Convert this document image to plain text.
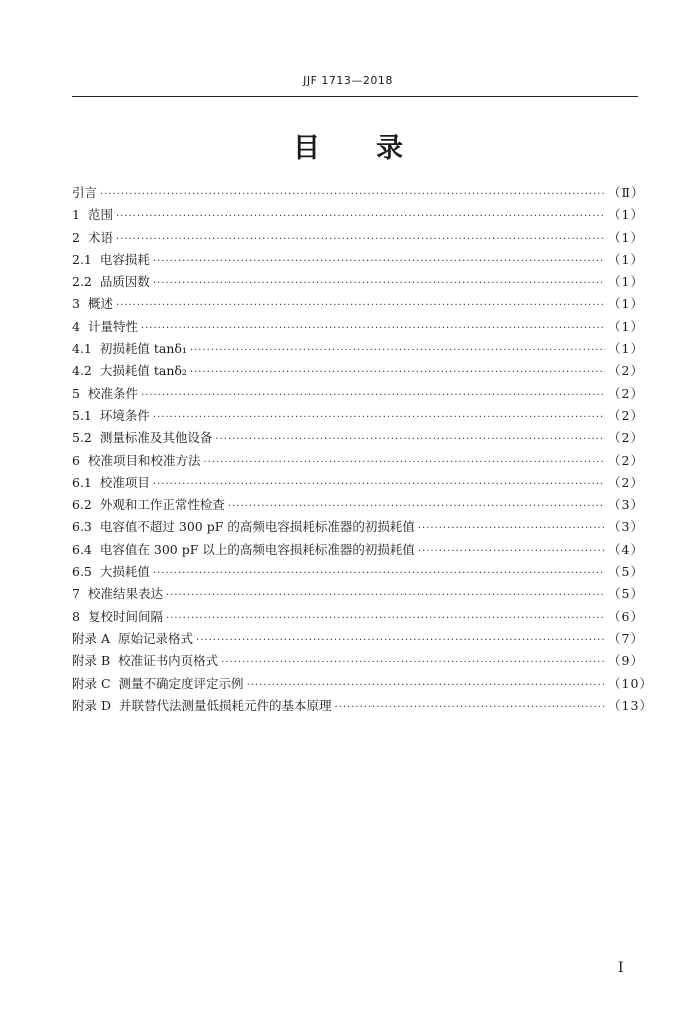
JJF 1713—2018
目 录
引言 ·····	（Ⅱ）
1 范围 ·····	（1）
2 术语 ·····	（1）
2.1 电容损耗 ·····	（1）
2.2 品质因数 ·····	（1）
3 概述 ·····	（1）
4 计量特性 ·····	（1）
4.1 初损耗值 tanδ₁ ·····	（1）
4.2 大损耗值 tanδ₂ ·····	（2）
5 校准条件 ·····	（2）
5.1 环境条件 ·····	（2）
5.2 测量标准及其他设备 ·····	（2）
6 校准项目和校准方法 ·····	（2）
6.1 校准项目 ·····	（2）
6.2 外观和工作正常性检查 ·····	（3）
6.3 电容值不超过 300 pF 的高频电容损耗标准器的初损耗值 ·····	（3）
6.4 电容值在 300 pF 以上的高频电容损耗标准器的初损耗值 ·····	（4）
6.5 大损耗值 ·····	（5）
7 校准结果表达 ·····	（5）
8 复校时间间隔 ·····	（6）
附录 A 原始记录格式 ·····	（7）
附录 B 校准证书内页格式 ·····	（9）
附录 C 测量不确定度评定示例 ·····	（10）
附录 D 并联替代法测量低损耗元件的基本原理 ·····	（13）
I
